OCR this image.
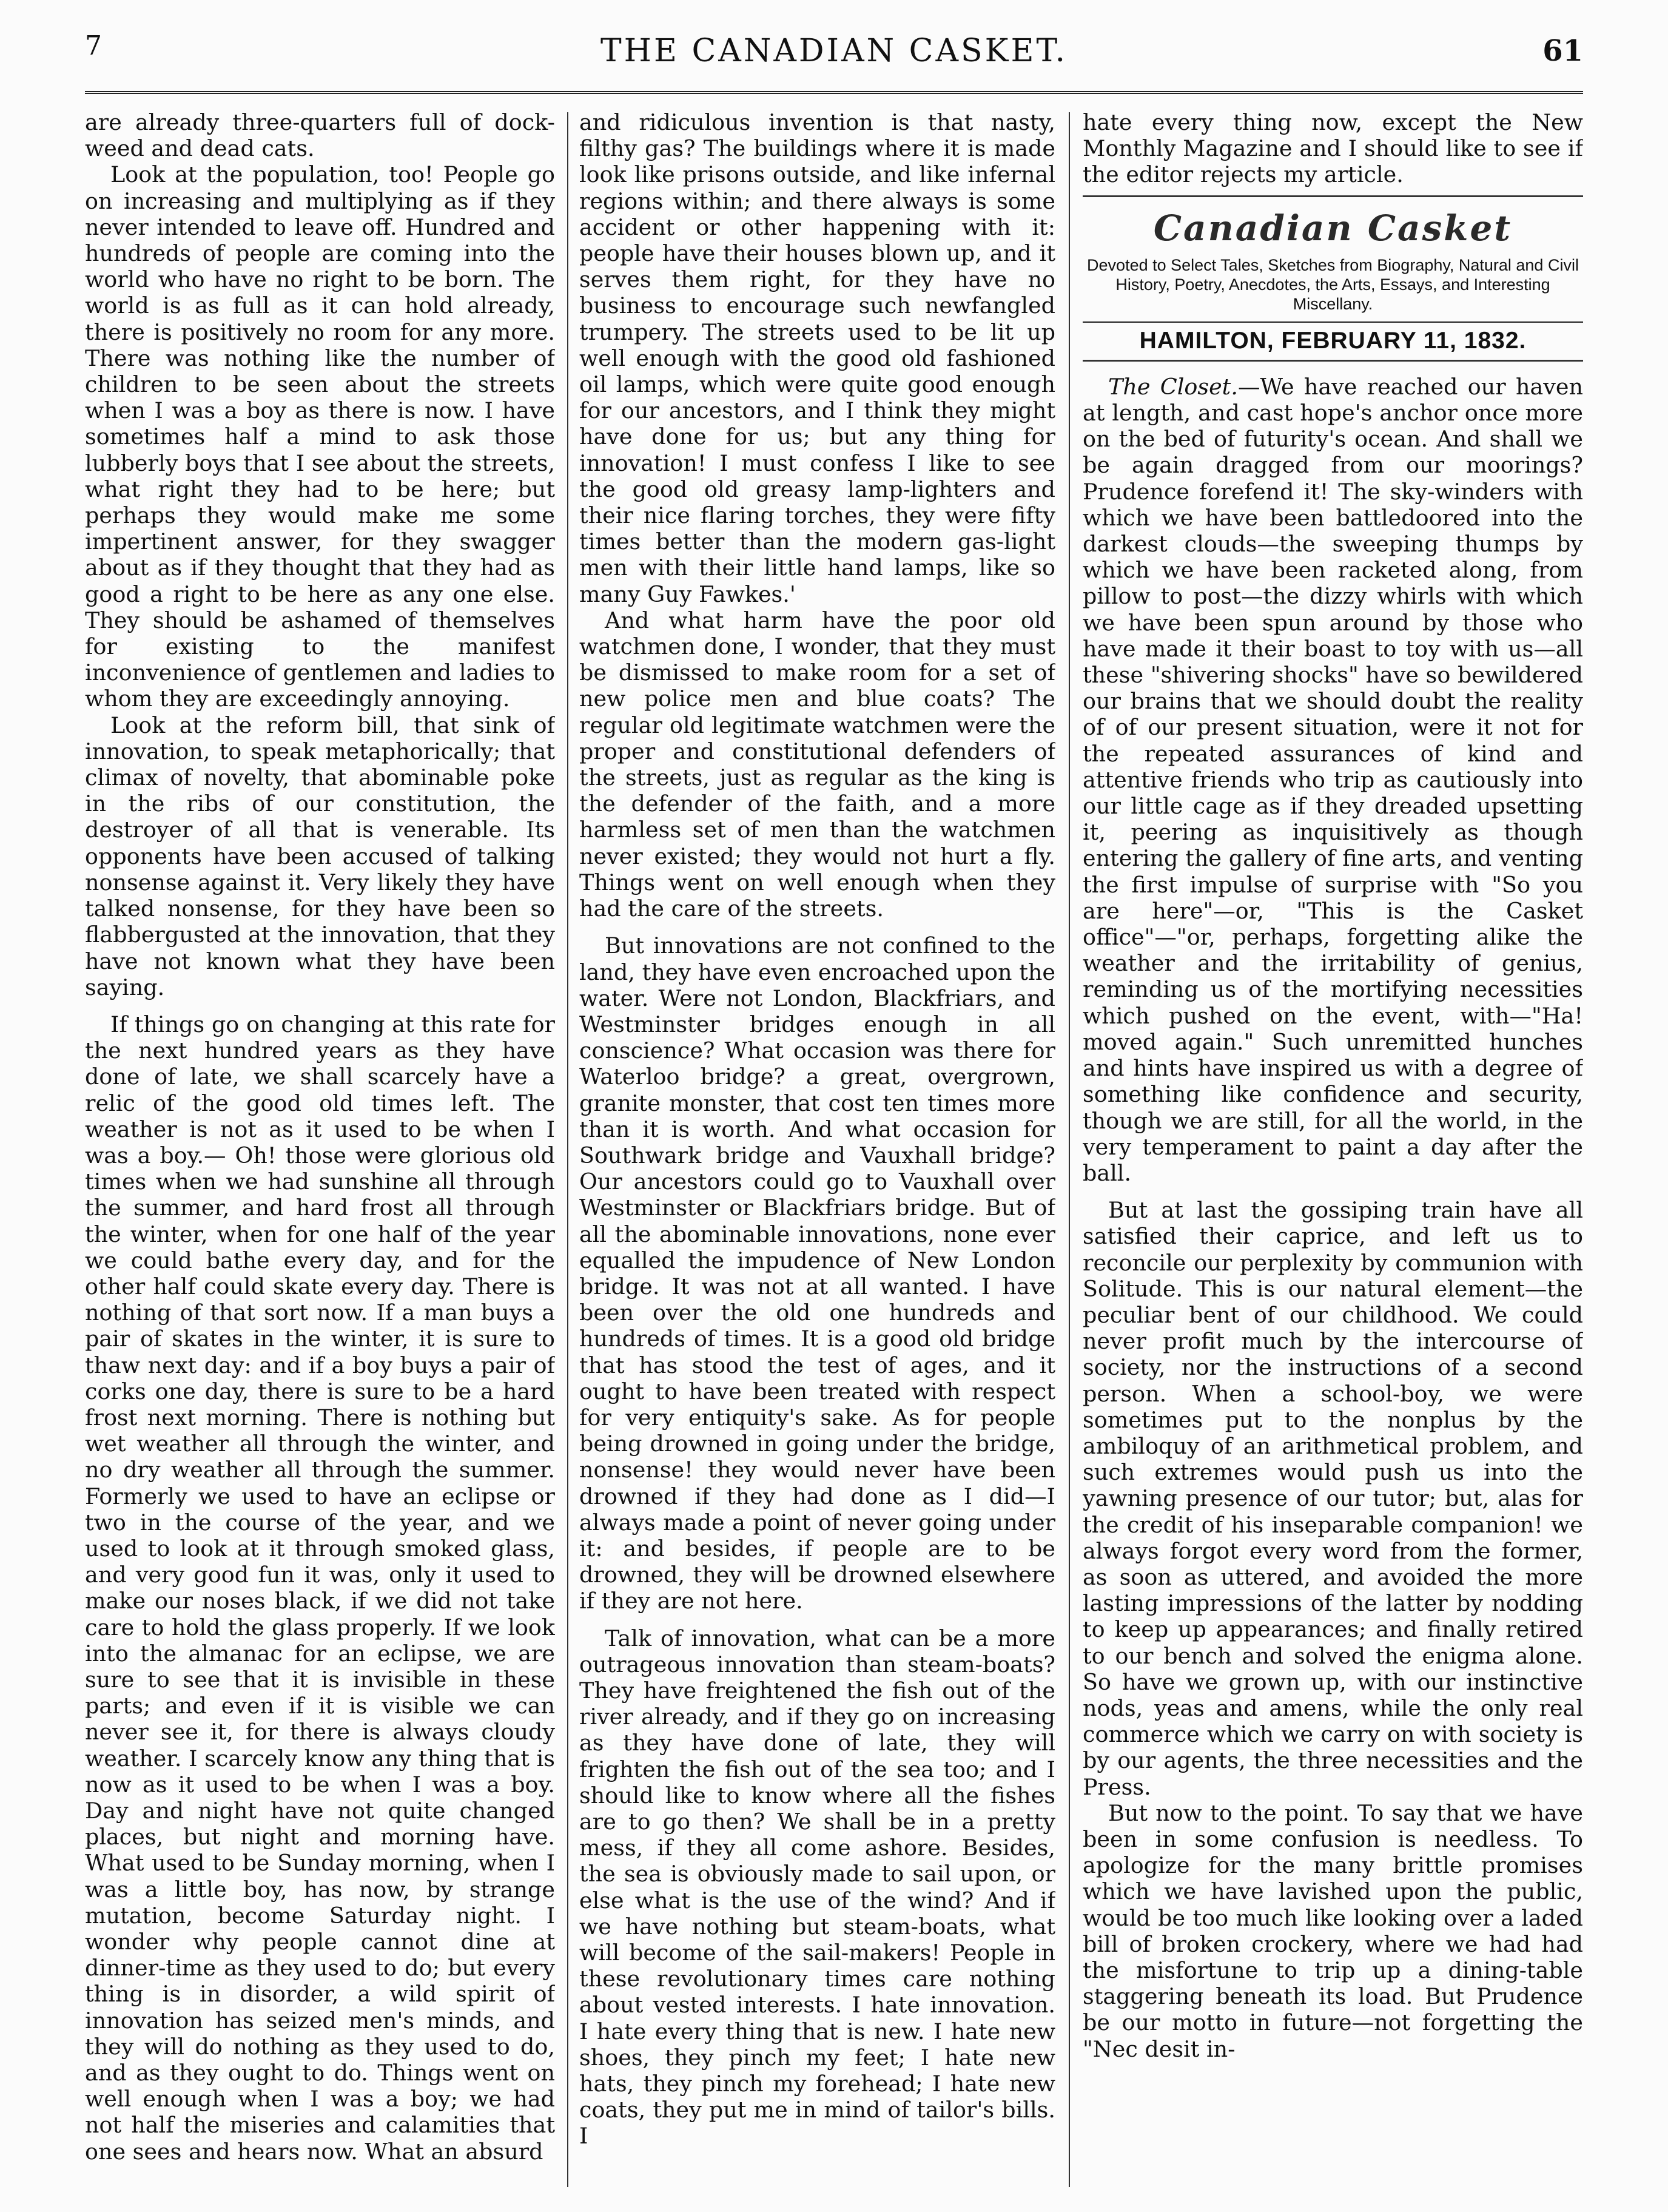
7	THE CANADIAN CASKET.	61

are already three-quarters full of dock-weed and dead cats.

Look at the population, too! People go on increasing and multiplying as if they never intended to leave off. Hundred and hundreds of people are coming into the world who have no right to be born. The world is as full as it can hold already, there is positively no room for any more. There was nothing like the number of children to be seen about the streets when I was a boy as there is now. I have sometimes half a mind to ask those lubberly boys that I see about the streets, what right they had to be here; but perhaps they would make me some impertinent answer, for they swagger about as if they thought that they had as good a right to be here as any one else. They should be ashamed of themselves for existing to the manifest inconvenience of gentlemen and ladies to whom they are exceedingly annoying.

Look at the reform bill, that sink of innovation, to speak metaphorically; that climax of novelty, that abominable poke in the ribs of our constitution, the destroyer of all that is venerable. Its opponents have been accused of talking nonsense against it. Very likely they have talked nonsense, for they have been so flabbergusted at the innovation, that they have not known what they have been saying.

If things go on changing at this rate for the next hundred years as they have done of late, we shall scarcely have a relic of the good old times left. The weather is not as it used to be when I was a boy.— Oh! those were glorious old times when we had sunshine all through the summer, and hard frost all through the winter, when for one half of the year we could bathe every day, and for the other half could skate every day. There is nothing of that sort now. If a man buys a pair of skates in the winter, it is sure to thaw next day: and if a boy buys a pair of corks one day, there is sure to be a hard frost next morning. There is nothing but wet weather all through the winter, and no dry weather all through the summer. Formerly we used to have an eclipse or two in the course of the year, and we used to look at it through smoked glass, and very good fun it was, only it used to make our noses black, if we did not take care to hold the glass properly. If we look into the almanac for an eclipse, we are sure to see that it is invisible in these parts; and even if it is visible we can never see it, for there is always cloudy weather. I scarcely know any thing that is now as it used to be when I was a boy. Day and night have not quite changed places, but night and morning have. What used to be Sunday morning, when I was a little boy, has now, by strange mutation, become Saturday night. I wonder why people cannot dine at dinner-time as they used to do; but every thing is in disorder, a wild spirit of innovation has seized men's minds, and they will do nothing as they used to do, and as they ought to do. Things went on well enough when I was a boy; we had not half the miseries and calamities that one sees and hears now. What an absurd

and ridiculous invention is that nasty, filthy gas? The buildings where it is made look like prisons outside, and like infernal regions within; and there always is some accident or other happening with it: people have their houses blown up, and it serves them right, for they have no business to encourage such newfangled trumpery. The streets used to be lit up well enough with the good old fashioned oil lamps, which were quite good enough for our ancestors, and I think they might have done for us; but any thing for innovation! I must confess I like to see the good old greasy lamp-lighters and their nice flaring torches, they were fifty times better than the modern gas-light men with their little hand lamps, like so many Guy Fawkes.'

And what harm have the poor old watchmen done, I wonder, that they must be dismissed to make room for a set of new police men and blue coats? The regular old legitimate watchmen were the proper and constitutional defenders of the streets, just as regular as the king is the defender of the faith, and a more harmless set of men than the watchmen never existed; they would not hurt a fly. Things went on well enough when they had the care of the streets.

But innovations are not confined to the land, they have even encroached upon the water. Were not London, Blackfriars, and Westminster bridges enough in all conscience? What occasion was there for Waterloo bridge? a great, overgrown, granite monster, that cost ten times more than it is worth. And what occasion for Southwark bridge and Vauxhall bridge? Our ancestors could go to Vauxhall over Westminster or Blackfriars bridge. But of all the abominable innovations, none ever equalled the impudence of New London bridge. It was not at all wanted. I have been over the old one hundreds and hundreds of times. It is a good old bridge that has stood the test of ages, and it ought to have been treated with respect for very entiquity's sake. As for people being drowned in going under the bridge, nonsense! they would never have been drowned if they had done as I did—I always made a point of never going under it: and besides, if people are to be drowned, they will be drowned elsewhere if they are not here.

Talk of innovation, what can be a more outrageous innovation than steam-boats? They have freightened the fish out of the river already, and if they go on increasing as they have done of late, they will frighten the fish out of the sea too; and I should like to know where all the fishes are to go then? We shall be in a pretty mess, if they all come ashore. Besides, the sea is obviously made to sail upon, or else what is the use of the wind? And if we have nothing but steam-boats, what will become of the sail-makers! People in these revolutionary times care nothing about vested interests. I hate innovation. I hate every thing that is new. I hate new shoes, they pinch my feet; I hate new hats, they pinch my forehead; I hate new coats, they put me in mind of tailor's bills. I

hate every thing now, except the New Monthly Magazine and I should like to see if the editor rejects my article.

Canadian Casket
Devoted to Select Tales, Sketches from Biography, Natural and Civil History, Poetry, Anecdotes, the Arts, Essays, and Interesting Miscellany.
HAMILTON, FEBRUARY 11, 1832.

The Closet.—We have reached our haven at length, and cast hope's anchor once more on the bed of futurity's ocean. And shall we be again dragged from our moorings? Prudence forefend it! The sky-winders with which we have been battledoored into the darkest clouds—the sweeping thumps by which we have been racketed along, from pillow to post—the dizzy whirls with which we have been spun around by those who have made it their boast to toy with us—all these "shivering shocks" have so bewildered our brains that we should doubt the reality of of our present situation, were it not for the repeated assurances of kind and attentive friends who trip as cautiously into our little cage as if they dreaded upsetting it, peering as inquisitively as though entering the gallery of fine arts, and venting the first impulse of surprise with "So you are here"—or, "This is the Casket office"—"or, perhaps, forgetting alike the weather and the irritability of genius, reminding us of the mortifying necessities which pushed on the event, with—"Ha! moved again." Such unremitted hunches and hints have inspired us with a degree of something like confidence and security, though we are still, for all the world, in the very temperament to paint a day after the ball.

But at last the gossiping train have all satisfied their caprice, and left us to reconcile our perplexity by communion with Solitude. This is our natural element—the peculiar bent of our childhood. We could never profit much by the intercourse of society, nor the instructions of a second person. When a school-boy, we were sometimes put to the nonplus by the ambiloquy of an arithmetical problem, and such extremes would push us into the yawning presence of our tutor; but, alas for the credit of his inseparable companion! we always forgot every word from the former, as soon as uttered, and avoided the more lasting impressions of the latter by nodding to keep up appearances; and finally retired to our bench and solved the enigma alone. So have we grown up, with our instinctive nods, yeas and amens, while the only real commerce which we carry on with society is by our agents, the three necessities and the Press.

But now to the point. To say that we have been in some confusion is needless. To apologize for the many brittle promises which we have lavished upon the public, would be too much like looking over a laded bill of broken crockery, where we had had the misfortune to trip up a dining-table staggering beneath its load. But Prudence be our motto in future—not forgetting the "Nec desit in-
